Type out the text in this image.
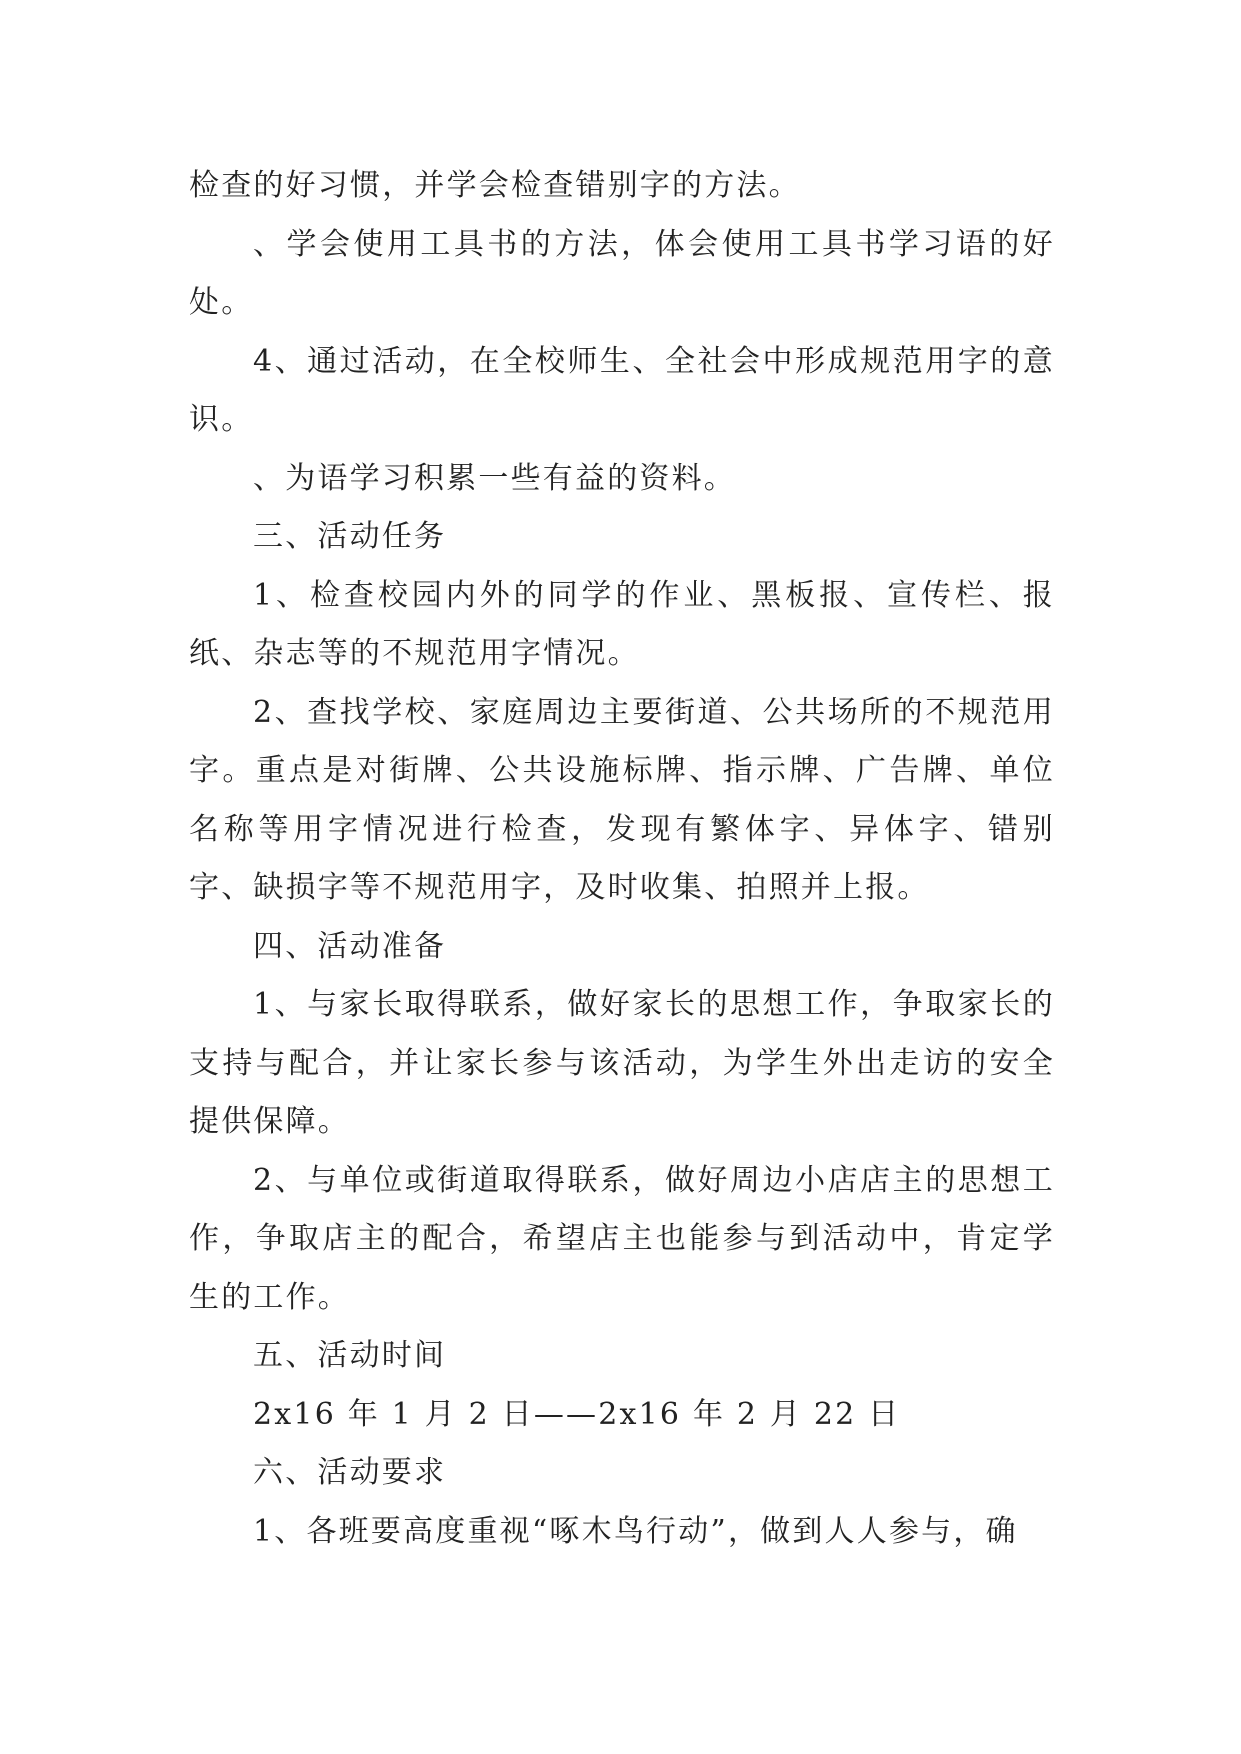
检查的好习惯，并学会检查错别字的方法。

、学会使用工具书的方法，体会使用工具书学习语的好处。

4、通过活动，在全校师生、全社会中形成规范用字的意识。

、为语学习积累一些有益的资料。

三、活动任务

1、检查校园内外的同学的作业、黑板报、宣传栏、报纸、杂志等的不规范用字情况。

2、查找学校、家庭周边主要街道、公共场所的不规范用字。重点是对街牌、公共设施标牌、指示牌、广告牌、单位名称等用字情况进行检查，发现有繁体字、异体字、错别字、缺损字等不规范用字，及时收集、拍照并上报。

四、活动准备

1、与家长取得联系，做好家长的思想工作，争取家长的支持与配合，并让家长参与该活动，为学生外出走访的安全提供保障。

2、与单位或街道取得联系，做好周边小店店主的思想工作，争取店主的配合，希望店主也能参与到活动中，肯定学生的工作。

五、活动时间

2x16 年 1 月 2 日——2x16 年 2 月 22 日

六、活动要求

1、各班要高度重视“啄木鸟行动”，做到人人参与，确
